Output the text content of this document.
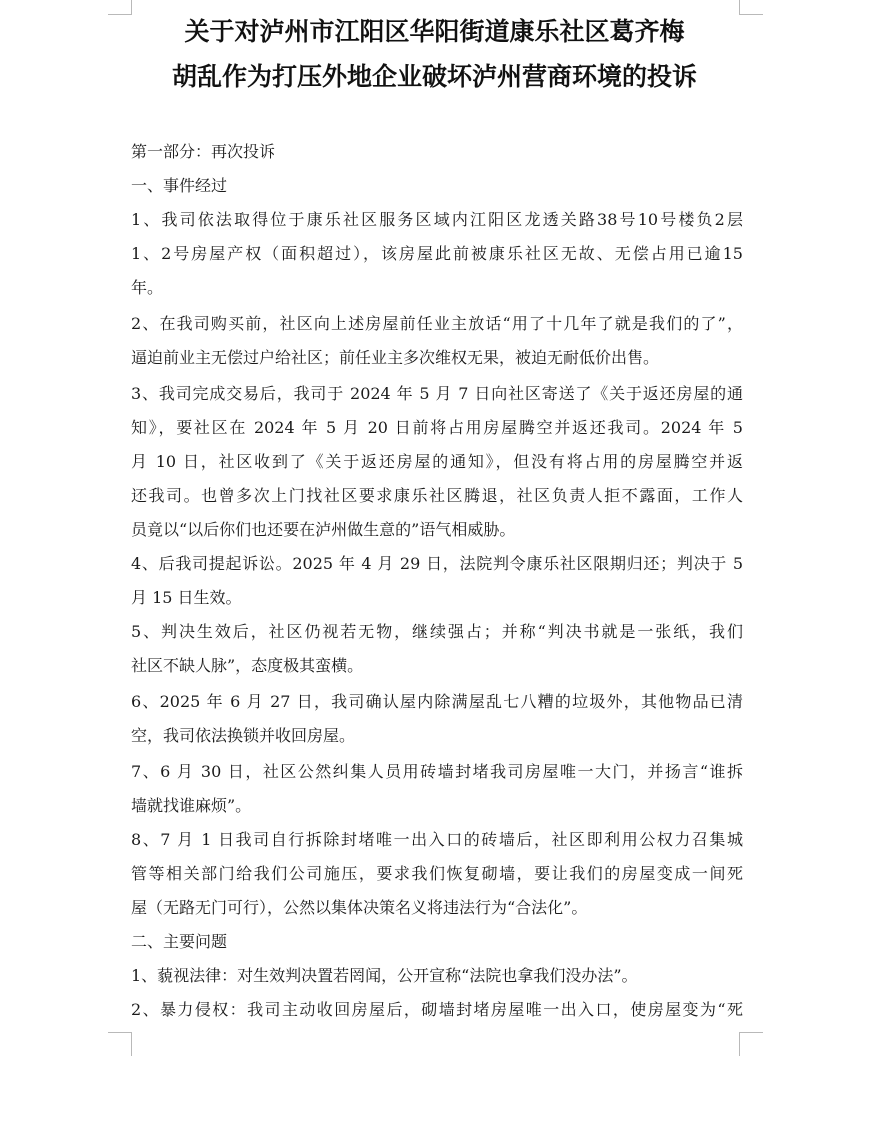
关于对泸州市江阳区华阳街道康乐社区葛齐梅
胡乱作为打压外地企业破坏泸州营商环境的投诉
第一部分：再次投诉
一、事件经过
1、我司依法取得位于康乐社区服务区域内江阳区龙透关路38号10号楼负2层
1、2号房屋产权（面积超过），该房屋此前被康乐社区无故、无偿占用已逾15
年。
2、在我司购买前，社区向上述房屋前任业主放话“用了十几年了就是我们的了”，
逼迫前业主无偿过户给社区；前任业主多次维权无果，被迫无耐低价出售。
3、我司完成交易后，我司于 2024 年 5 月 7 日向社区寄送了《关于返还房屋的通
知》，要社区在 2024 年 5 月 20 日前将占用房屋腾空并返还我司。2024 年 5
月 10 日，社区收到了《关于返还房屋的通知》，但没有将占用的房屋腾空并返
还我司。也曾多次上门找社区要求康乐社区腾退，社区负责人拒不露面，工作人
员竟以“以后你们也还要在泸州做生意的”语气相威胁。
4、后我司提起诉讼。2025 年 4 月 29 日，法院判令康乐社区限期归还；判决于 5
月 15 日生效。
5、判决生效后，社区仍视若无物，继续强占；并称“判决书就是一张纸，我们
社区不缺人脉”，态度极其蛮横。
6、2025 年 6 月 27 日，我司确认屋内除满屋乱七八糟的垃圾外，其他物品已清
空，我司依法换锁并收回房屋。
7、6 月 30 日，社区公然纠集人员用砖墙封堵我司房屋唯一大门，并扬言“谁拆
墙就找谁麻烦”。
8、7 月 1 日我司自行拆除封堵唯一出入口的砖墙后，社区即利用公权力召集城
管等相关部门给我们公司施压，要求我们恢复砌墙，要让我们的房屋变成一间死
屋（无路无门可行），公然以集体决策名义将违法行为“合法化”。
二、主要问题
1、藐视法律：对生效判决置若罔闻，公开宣称“法院也拿我们没办法”。
2、暴力侵权：我司主动收回房屋后，砌墙封堵房屋唯一出入口，使房屋变为“死
